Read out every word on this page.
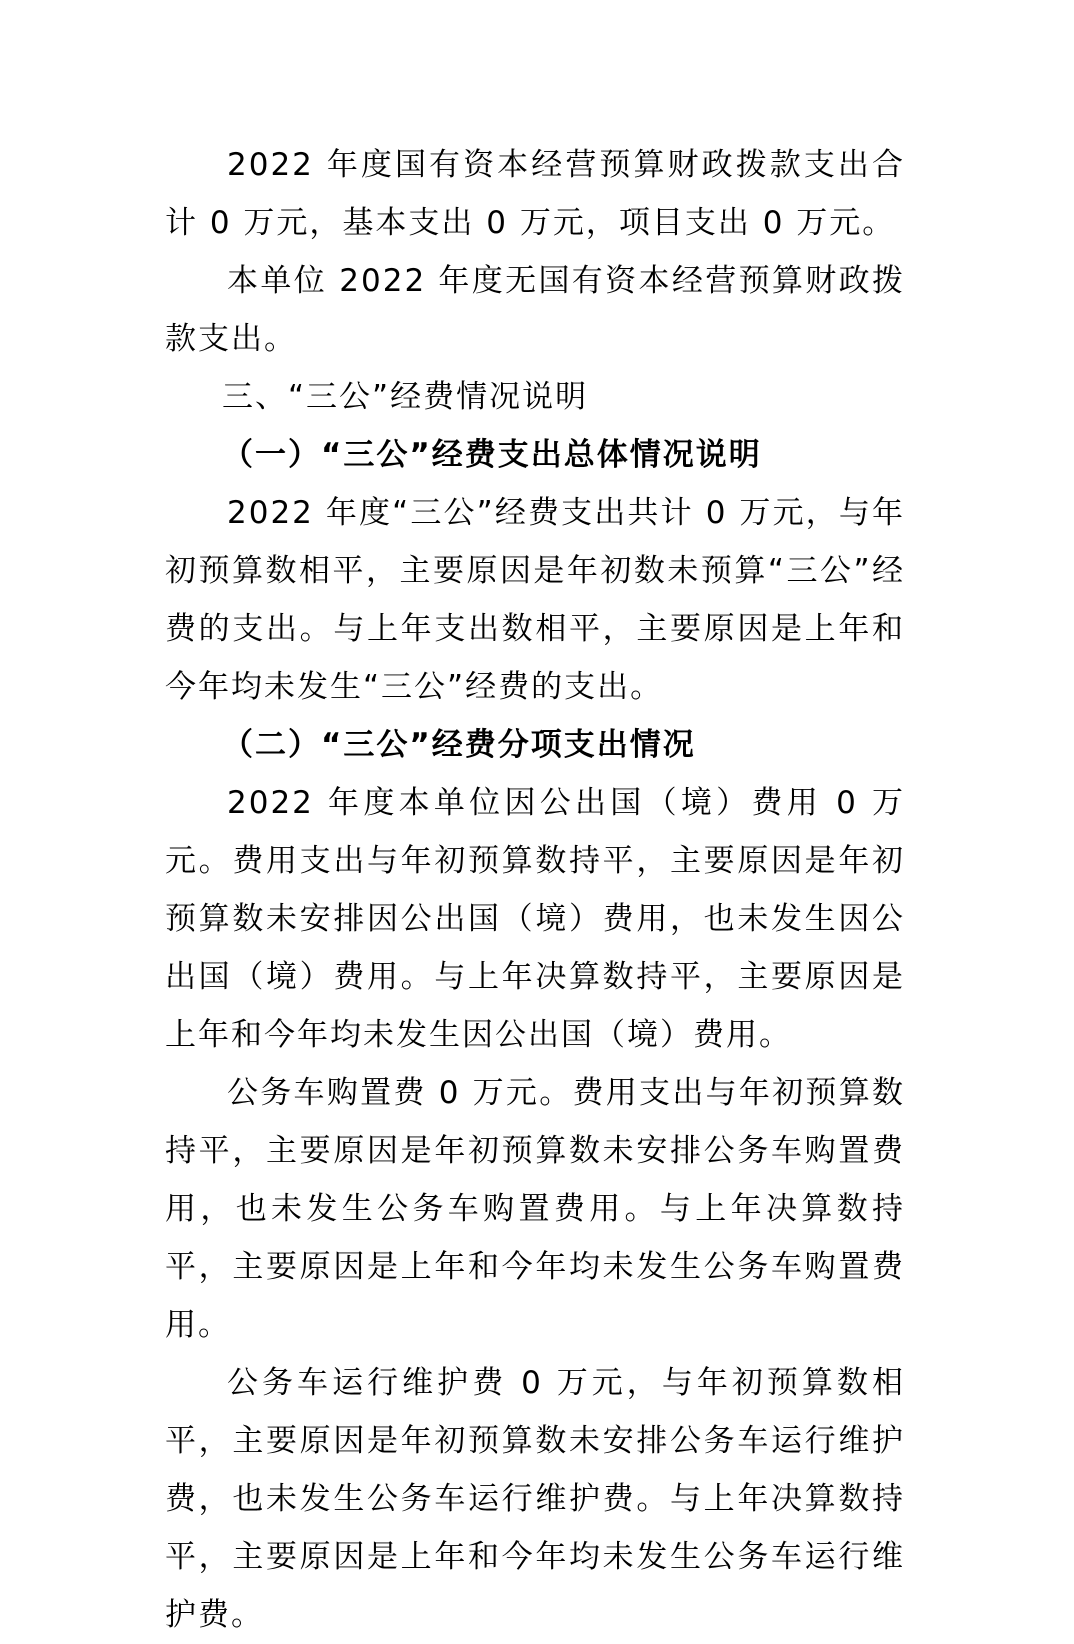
2022 年度国有资本经营预算财政拨款支出合计 0 万元，基本支出 0 万元，项目支出 0 万元。

本单位 2022 年度无国有资本经营预算财政拨款支出。

三、“三公”经费情况说明

（一）“三公”经费支出总体情况说明

2022 年度“三公”经费支出共计 0 万元，与年初预算数相平，主要原因是年初数未预算“三公”经费的支出。与上年支出数相平，主要原因是上年和今年均未发生“三公”经费的支出。

（二）“三公”经费分项支出情况

2022 年度本单位因公出国（境）费用 0 万元。费用支出与年初预算数持平，主要原因是年初预算数未安排因公出国（境）费用，也未发生因公出国（境）费用。与上年决算数持平，主要原因是上年和今年均未发生因公出国（境）费用。

公务车购置费 0 万元。费用支出与年初预算数持平，主要原因是年初预算数未安排公务车购置费用，也未发生公务车购置费用。与上年决算数持平，主要原因是上年和今年均未发生公务车购置费用。

公务车运行维护费 0 万元，与年初预算数相平，主要原因是年初预算数未安排公务车运行维护费，也未发生公务车运行维护费。与上年决算数持平，主要原因是上年和今年均未发生公务车运行维护费。
